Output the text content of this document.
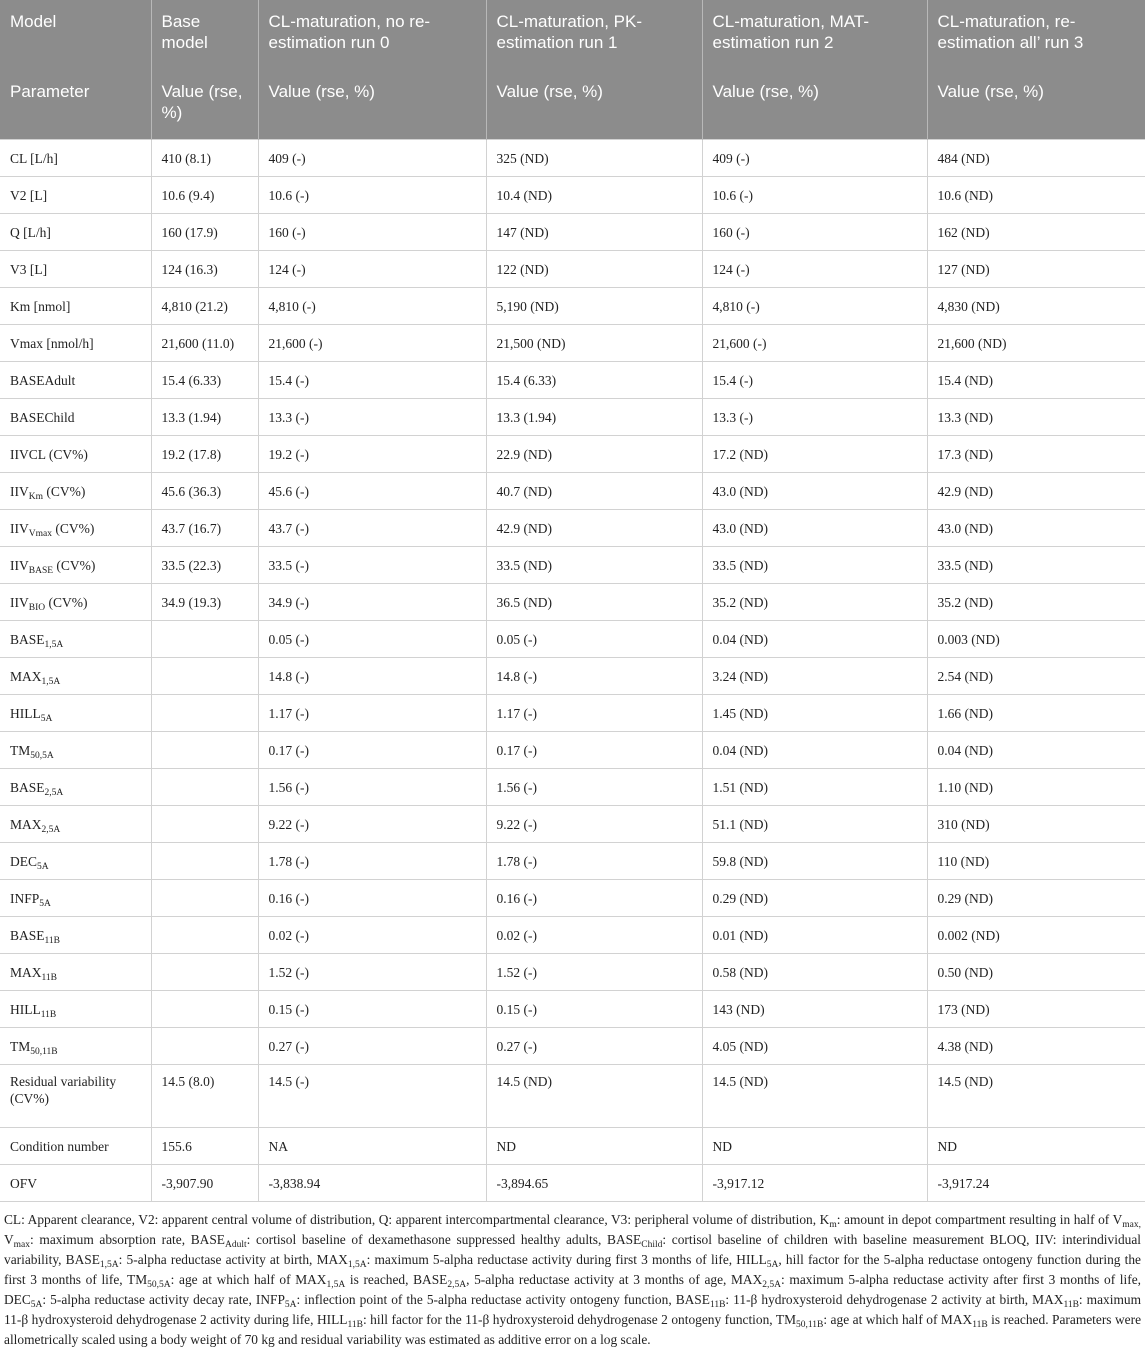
Model	Base model	CL-maturation, no re-estimation run 0	CL-maturation, PK-estimation run 1	CL-maturation, MAT-estimation run 2	CL-maturation, re-estimation all’ run 3
Parameter	Value (rse, %)	Value (rse, %)	Value (rse, %)	Value (rse, %)	Value (rse, %)
CL [L/h]	410 (8.1)	409 (-)	325 (ND)	409 (-)	484 (ND)
V2 [L]	10.6 (9.4)	10.6 (-)	10.4 (ND)	10.6 (-)	10.6 (ND)
Q [L/h]	160 (17.9)	160 (-)	147 (ND)	160 (-)	162 (ND)
V3 [L]	124 (16.3)	124 (-)	122 (ND)	124 (-)	127 (ND)
Km [nmol]	4,810 (21.2)	4,810 (-)	5,190 (ND)	4,810 (-)	4,830 (ND)
Vmax [nmol/h]	21,600 (11.0)	21,600 (-)	21,500 (ND)	21,600 (-)	21,600 (ND)
BASEAdult	15.4 (6.33)	15.4 (-)	15.4 (6.33)	15.4 (-)	15.4 (ND)
BASEChild	13.3 (1.94)	13.3 (-)	13.3 (1.94)	13.3 (-)	13.3 (ND)
IIVCL (CV%)	19.2 (17.8)	19.2 (-)	22.9 (ND)	17.2 (ND)	17.3 (ND)
$IIV_{Km}$ (CV%)	45.6 (36.3)	45.6 (-)	40.7 (ND)	43.0 (ND)	42.9 (ND)
$IIV_{Vmax}$ (CV%)	43.7 (16.7)	43.7 (-)	42.9 (ND)	43.0 (ND)	43.0 (ND)
$IIV_{BASE}$ (CV%)	33.5 (22.3)	33.5 (-)	33.5 (ND)	33.5 (ND)	33.5 (ND)
$IIV_{BIO}$ (CV%)	34.9 (19.3)	34.9 (-)	36.5 (ND)	35.2 (ND)	35.2 (ND)
$BASE_{1,5A}$		0.05 (-)	0.05 (-)	0.04 (ND)	0.003 (ND)
$MAX_{1,5A}$		14.8 (-)	14.8 (-)	3.24 (ND)	2.54 (ND)
$HILL_{5A}$		1.17 (-)	1.17 (-)	1.45 (ND)	1.66 (ND)
$TM_{50,5A}$		0.17 (-)	0.17 (-)	0.04 (ND)	0.04 (ND)
$BASE_{2,5A}$		1.56 (-)	1.56 (-)	1.51 (ND)	1.10 (ND)
$MAX_{2,5A}$		9.22 (-)	9.22 (-)	51.1 (ND)	310 (ND)
$DEC_{5A}$		1.78 (-)	1.78 (-)	59.8 (ND)	110 (ND)
$INFP_{5A}$		0.16 (-)	0.16 (-)	0.29 (ND)	0.29 (ND)
$BASE_{11B}$		0.02 (-)	0.02 (-)	0.01 (ND)	0.002 (ND)
$MAX_{11B}$		1.52 (-)	1.52 (-)	0.58 (ND)	0.50 (ND)
$HILL_{11B}$		0.15 (-)	0.15 (-)	143 (ND)	173 (ND)
$TM_{50,11B}$		0.27 (-)	0.27 (-)	4.05 (ND)	4.38 (ND)
Residual variability (CV%)	14.5 (8.0)	14.5 (-)	14.5 (ND)	14.5 (ND)	14.5 (ND)
Condition number	155.6	NA	ND	ND	ND
OFV	-3,907.90	-3,838.94	-3,894.65	-3,917.12	-3,917.24
CL: Apparent clearance, V2: apparent central volume of distribution, Q: apparent intercompartmental clearance, V3: peripheral volume of distribution, $K_m$: amount in depot compartment resulting in half of $V_{max,}$ $V_{max}$: maximum absorption rate, $BASE_{Adult}$: cortisol baseline of dexamethasone suppressed healthy adults, $BASE_{Child}$: cortisol baseline of children with baseline measurement BLOQ, IIV: interindividual variability, $BASE_{1,5A}$: 5-alpha reductase activity at birth, $MAX_{1,5A}$: maximum 5-alpha reductase activity during first 3 months of life, $HILL_{5A}$, hill factor for the 5-alpha reductase ontogeny function during the first 3 months of life, $TM_{50,5A}$: age at which half of $MAX_{1,5A}$ is reached, $BASE_{2,5A}$, 5-alpha reductase activity at 3 months of age, $MAX_{2,5A}$: maximum 5-alpha reductase activity after first 3 months of life, $DEC_{5A}$: 5-alpha reductase activity decay rate, $INFP_{5A}$: inflection point of the 5-alpha reductase activity ontogeny function, $BASE_{11B}$: 11-β hydroxysteroid dehydrogenase 2 activity at birth, $MAX_{11B}$: maximum 11-β hydroxysteroid dehydrogenase 2 activity during life, $HILL_{11B}$: hill factor for the 11-β hydroxysteroid dehydrogenase 2 ontogeny function, $TM_{50,11B}$: age at which half of $MAX_{11B}$ is reached. Parameters were allometrically scaled using a body weight of 70 kg and residual variability was estimated as additive error on a log scale.
